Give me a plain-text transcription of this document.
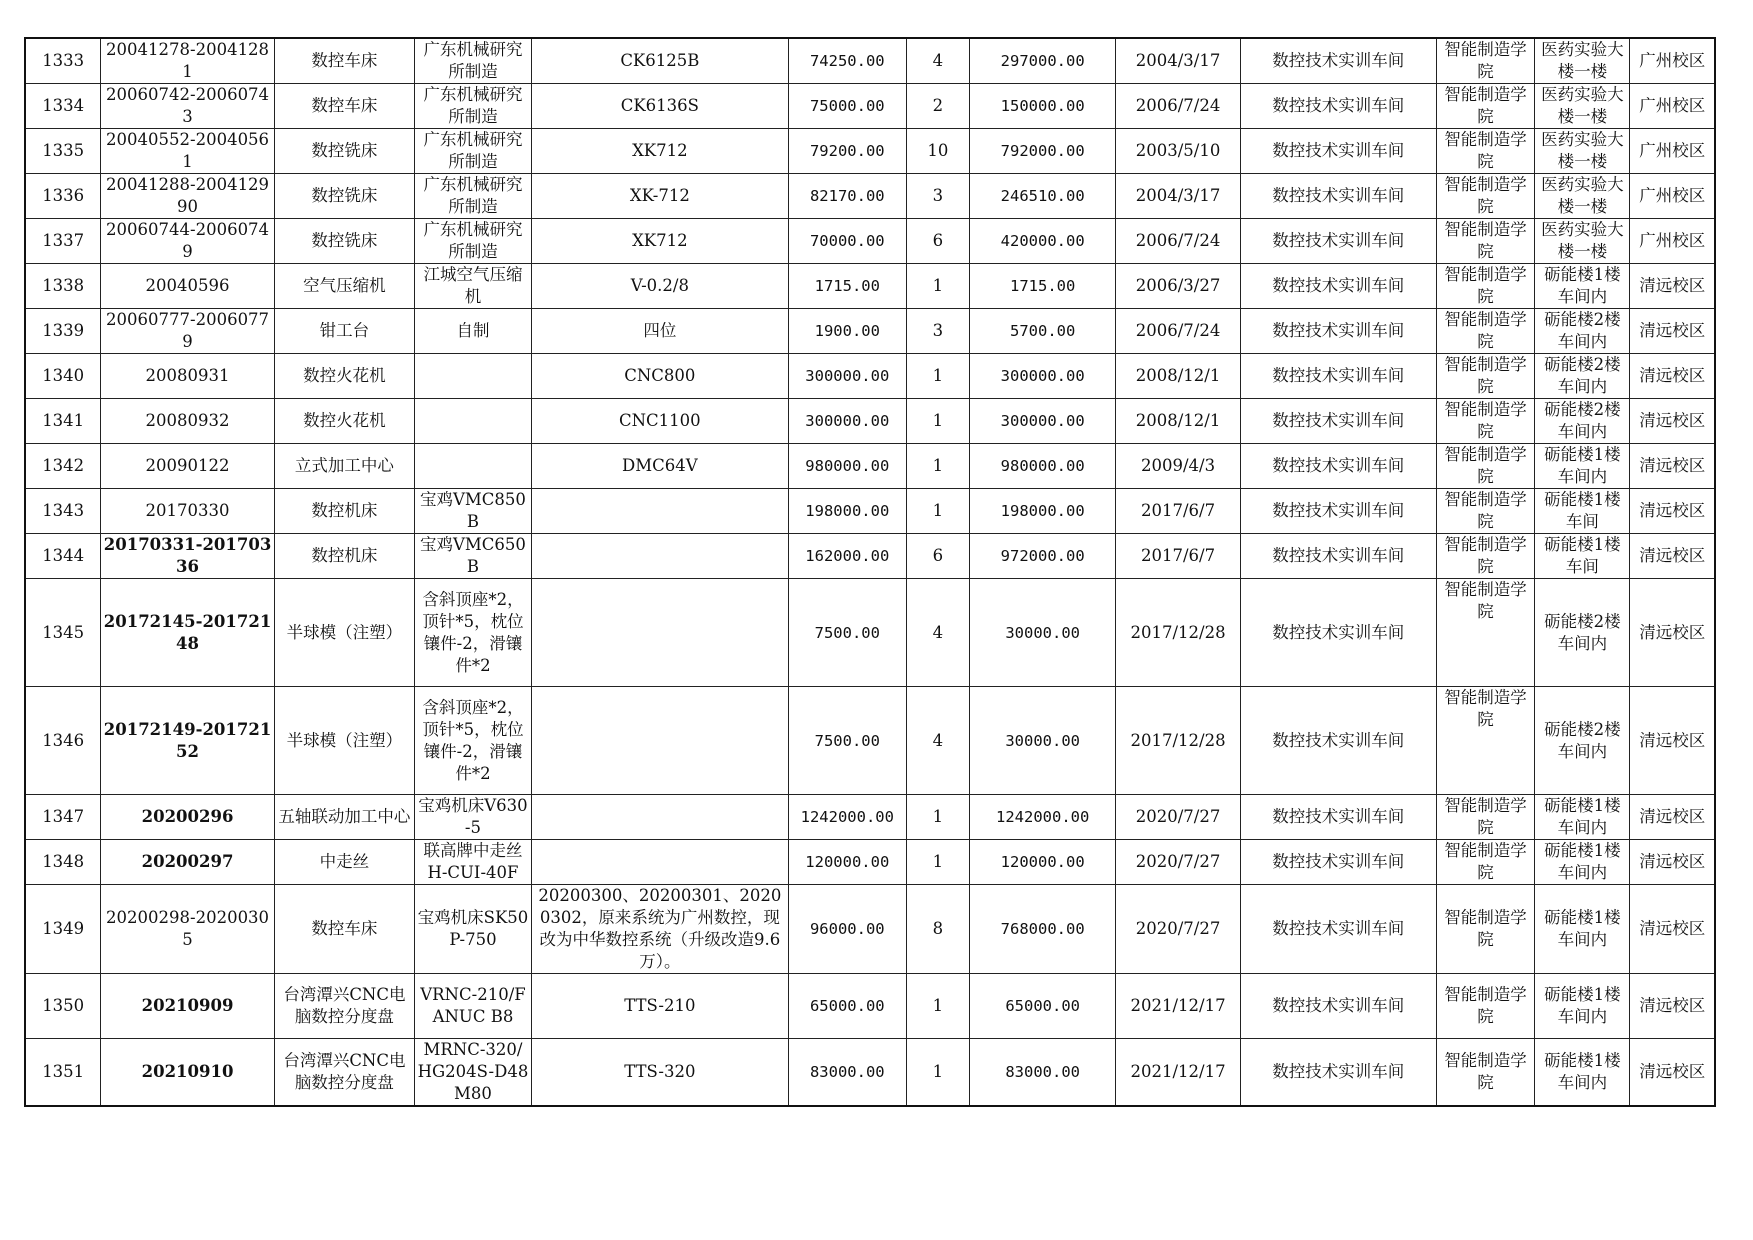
1333	20041278-20041281	数控车床	广东机械研究所制造	CK6125B	74250.00	4	297000.00	2004/3/17	数控技术实训车间	智能制造学院	医药实验大楼一楼	广州校区
1334	20060742-20060743	数控车床	广东机械研究所制造	CK6136S	75000.00	2	150000.00	2006/7/24	数控技术实训车间	智能制造学院	医药实验大楼一楼	广州校区
1335	20040552-20040561	数控铣床	广东机械研究所制造	XK712	79200.00	10	792000.00	2003/5/10	数控技术实训车间	智能制造学院	医药实验大楼一楼	广州校区
1336	20041288-200412990	数控铣床	广东机械研究所制造	XK-712	82170.00	3	246510.00	2004/3/17	数控技术实训车间	智能制造学院	医药实验大楼一楼	广州校区
1337	20060744-20060749	数控铣床	广东机械研究所制造	XK712	70000.00	6	420000.00	2006/7/24	数控技术实训车间	智能制造学院	医药实验大楼一楼	广州校区
1338	20040596	空气压缩机	江城空气压缩机	V-0.2/8	1715.00	1	1715.00	2006/3/27	数控技术实训车间	智能制造学院	砺能楼1楼车间内	清远校区
1339	20060777-20060779	钳工台	自制	四位	1900.00	3	5700.00	2006/7/24	数控技术实训车间	智能制造学院	砺能楼2楼车间内	清远校区
1340	20080931	数控火花机		CNC800	300000.00	1	300000.00	2008/12/1	数控技术实训车间	智能制造学院	砺能楼2楼车间内	清远校区
1341	20080932	数控火花机		CNC1100	300000.00	1	300000.00	2008/12/1	数控技术实训车间	智能制造学院	砺能楼2楼车间内	清远校区
1342	20090122	立式加工中心		DMC64V	980000.00	1	980000.00	2009/4/3	数控技术实训车间	智能制造学院	砺能楼1楼车间内	清远校区
1343	20170330	数控机床	宝鸡VMC850B		198000.00	1	198000.00	2017/6/7	数控技术实训车间	智能制造学院	砺能楼1楼车间	清远校区
1344	20170331-20170336	数控机床	宝鸡VMC650B		162000.00	6	972000.00	2017/6/7	数控技术实训车间	智能制造学院	砺能楼1楼车间	清远校区
1345	20172145-20172148	半球模（注塑）	含斜顶座*2，顶针*5，枕位镶件-2，滑镶件*2		7500.00	4	30000.00	2017/12/28	数控技术实训车间	智能制造学院	砺能楼2楼车间内	清远校区
1346	20172149-20172152	半球模（注塑）	含斜顶座*2，顶针*5，枕位镶件-2，滑镶件*2		7500.00	4	30000.00	2017/12/28	数控技术实训车间	智能制造学院	砺能楼2楼车间内	清远校区
1347	20200296	五轴联动加工中心	宝鸡机床V630-5		1242000.00	1	1242000.00	2020/7/27	数控技术实训车间	智能制造学院	砺能楼1楼车间内	清远校区
1348	20200297	中走丝	联高牌中走丝H-CUI-40F		120000.00	1	120000.00	2020/7/27	数控技术实训车间	智能制造学院	砺能楼1楼车间内	清远校区
1349	20200298-20200305	数控车床	宝鸡机床SK50P-750	20200300、20200301、20200302，原来系统为广州数控，现改为中华数控系统（升级改造9.6万）。	96000.00	8	768000.00	2020/7/27	数控技术实训车间	智能制造学院	砺能楼1楼车间内	清远校区
1350	20210909	台湾潭兴CNC电脑数控分度盘	VRNC-210/FANUC B8	TTS-210	65000.00	1	65000.00	2021/12/17	数控技术实训车间	智能制造学院	砺能楼1楼车间内	清远校区
1351	20210910	台湾潭兴CNC电脑数控分度盘	MRNC-320/HG204S-D48 M80	TTS-320	83000.00	1	83000.00	2021/12/17	数控技术实训车间	智能制造学院	砺能楼1楼车间内	清远校区
